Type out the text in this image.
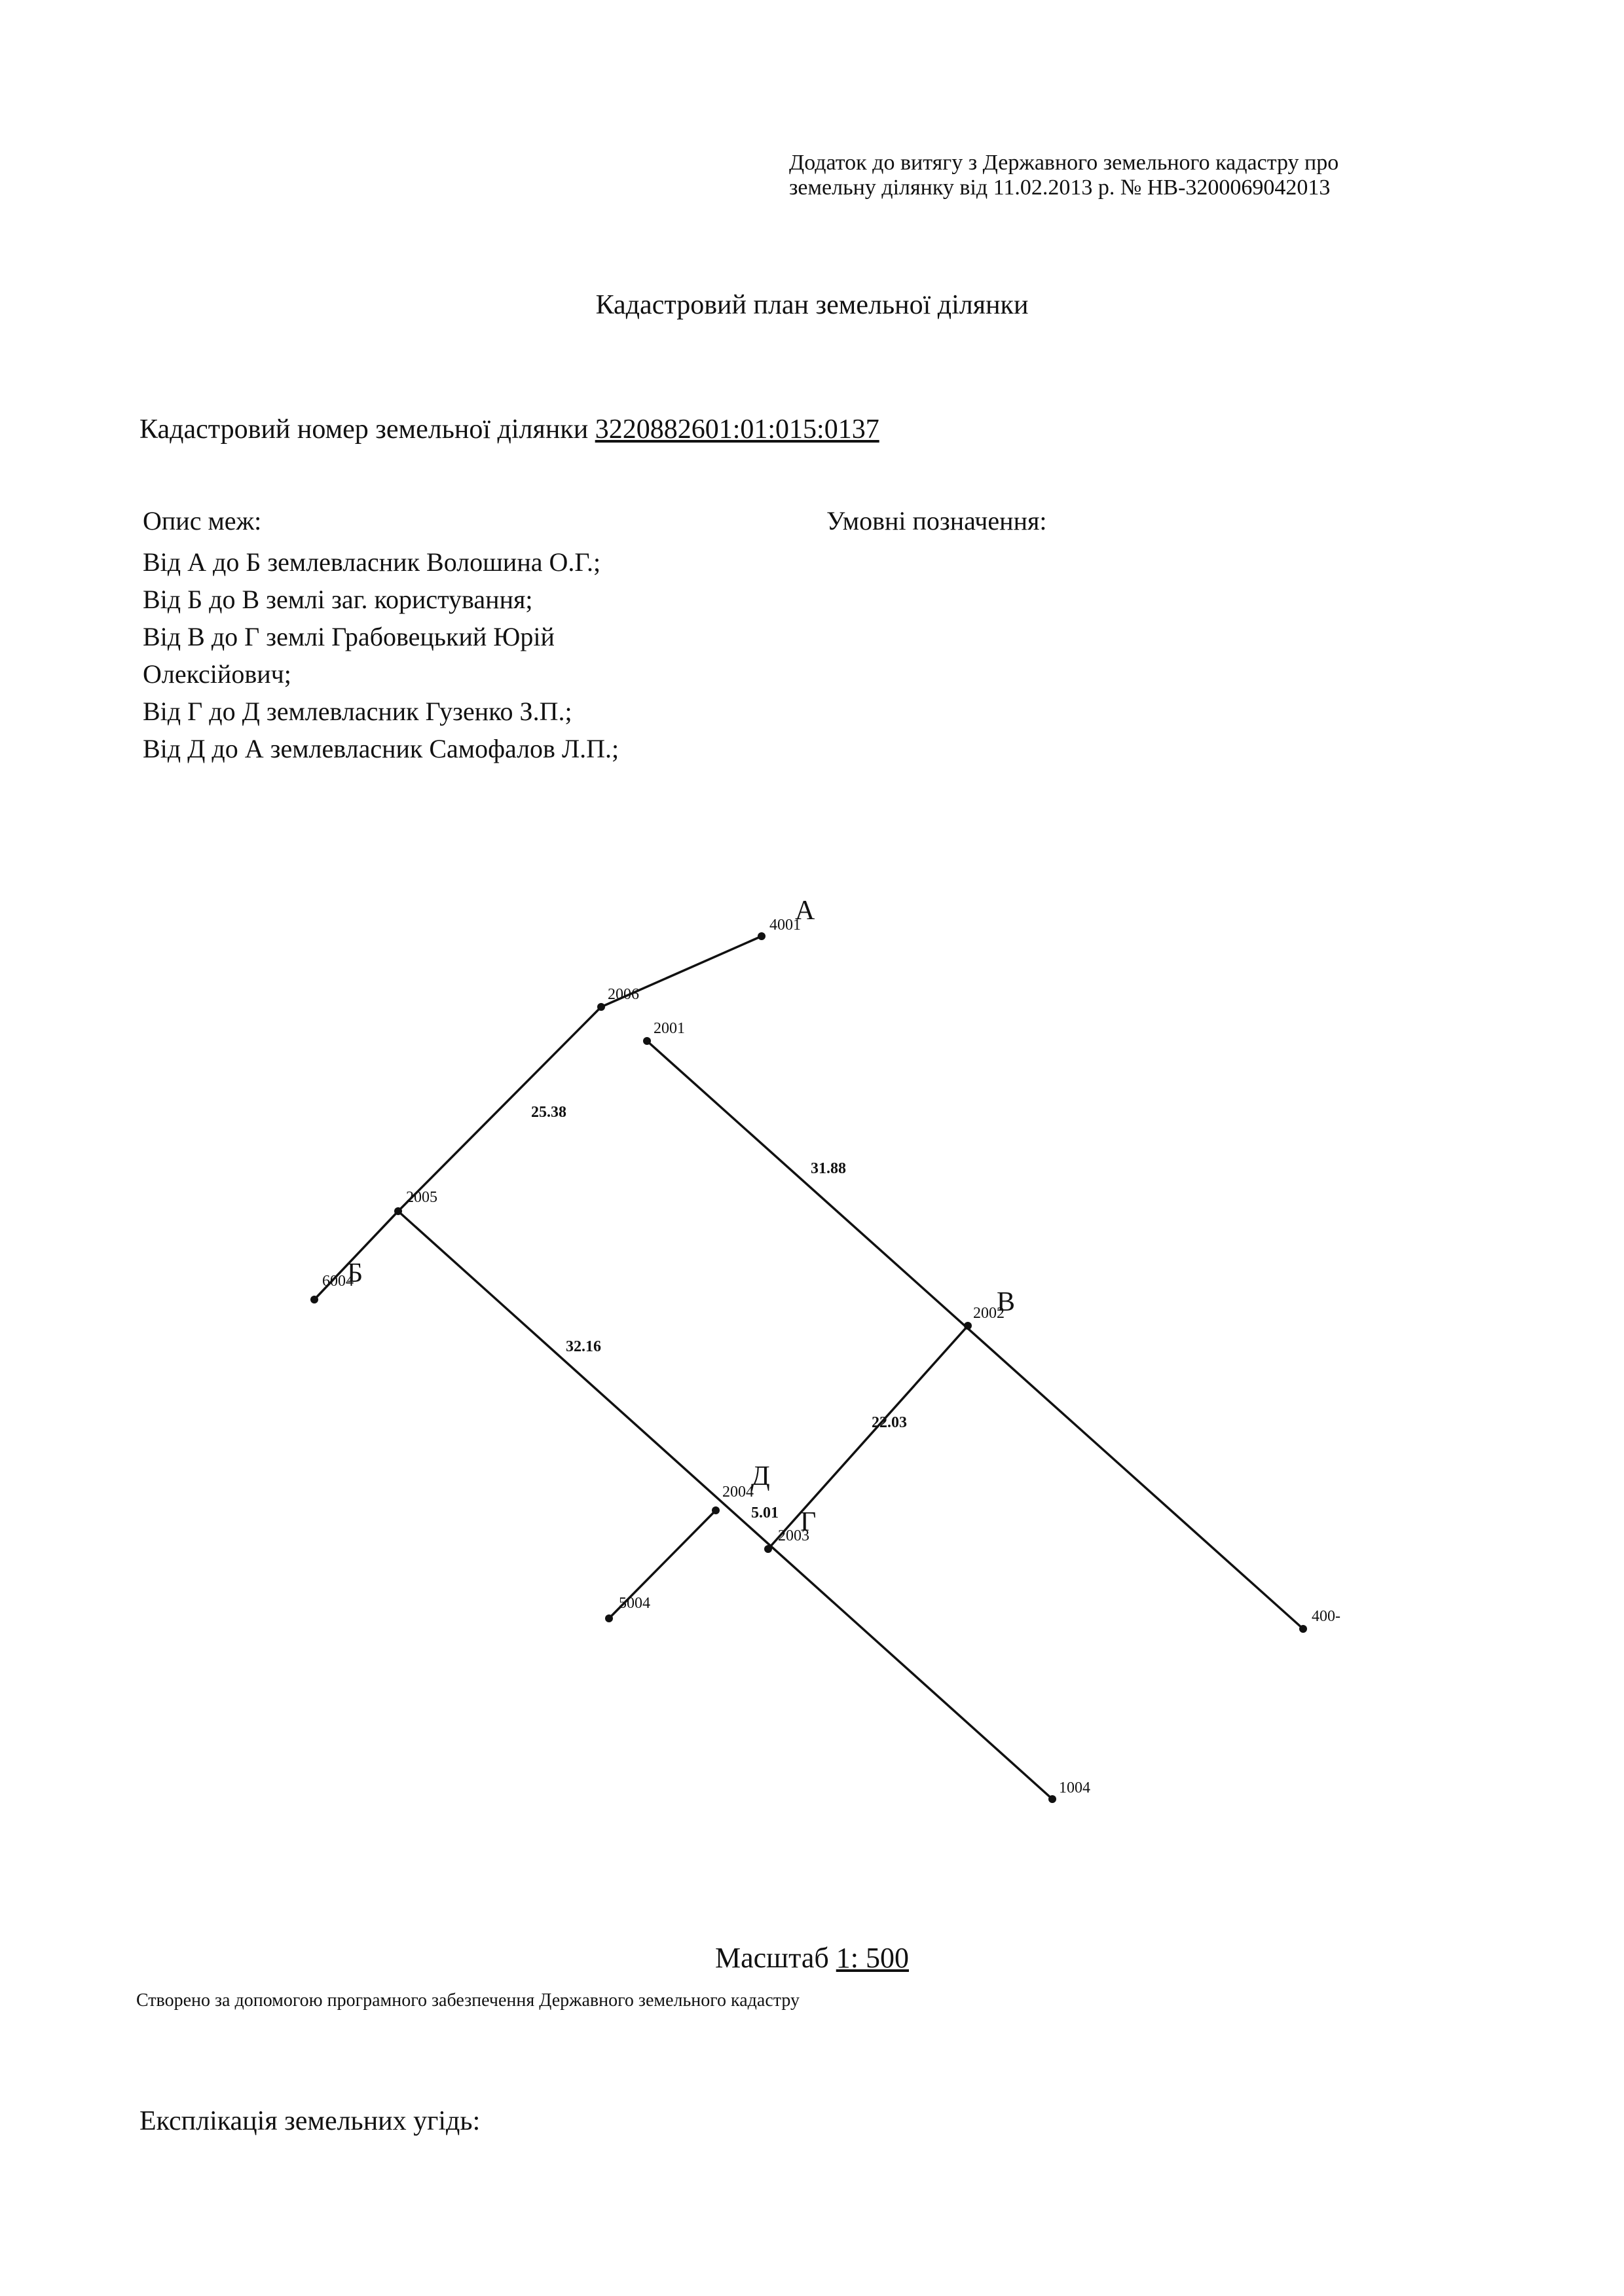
Додаток до витягу з Державного земельного кадастру про
земельну ділянку від 11.02.2013 р. № НВ-3200069042013
Кадастровий план земельної ділянки
Кадастровий номер земельної ділянки 3220882601:01:015:0137
Опис меж:	Умовні позначення:
Від А до Б землевласник Волошина О.Г.;
Від Б до В землі заг. користування;
Від В до Г землі Грабовецький Юрій
Олексійович;
Від Г до Д землевласник Гузенко З.П.;
Від Д до А землевласник Самофалов Л.П.;
4001
2006
2001
2005
6004
2002
2004
2003
5004
400-
1004
25.38
31.88
32.16
22.03
5.01
А
Б
В
Г
Д
Масштаб 1: 500
Створено за допомогою програмного забезпечення Державного земельного кадастру
Експлікація земельних угідь:
